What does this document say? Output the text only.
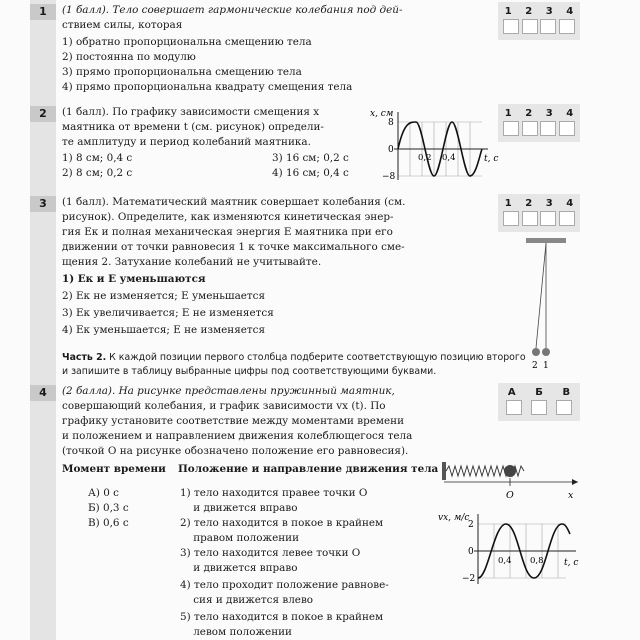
1	(1 балл). Тело совершает гармонические колебания под дей-
ствием силы, которая
1) обратно пропорциональна смещению тела
2) постоянна по модулю
3) прямо пропорциональна смещению тела
4) прямо пропорциональна квадрату смещения тела
1 2 3 4
2	(1 балл). По графику зависимости смещения x
маятника от времени t (см. рисунок) определи-
те амплитуду и период колебаний маятника.
1) 8 см; 0,4 с
2) 8 см; 0,2 с
3) 16 см; 0,2 с
4) 16 см; 0,4 с
x, см
t, с
8
0
−8
0,2 0,4
1 2 3 4
3	(1 балл). Математический маятник совершает колебания (см.
рисунок). Определите, как изменяются кинетическая энер-
гия Eк и полная механическая энергия E маятника при его
движении от точки равновесия 1 к точке максимального сме-
щения 2. Затухание колебаний не учитывайте.
1) Eк и E уменьшаются
2) Eк не изменяется; E уменьшается
3) Eк увеличивается; E не изменяется
4) Eк уменьшается; E не изменяется
2 1
1 2 3 4
Часть 2. К каждой позиции первого столбца подберите соответствующую позицию второго
и запишите в таблицу выбранные цифры под соответствующими буквами.
4	(2 балла). На рисунке представлены пружинный маятник,
совершающий колебания, и график зависимости vx (t). По
графику установите соответствие между моментами времени
и положением и направлением движения колеблющегося тела
(точкой O на рисунке обозначено положение его равновесия).
Момент времени Положение и направление движения тела
А) 0 с
Б) 0,3 с
В) 0,6 с
1) тело находится правее точки O
и движется вправо
2) тело находится в покое в крайнем
правом положении
3) тело находится левее точки O
и движется вправо
4) тело проходит положение равнове-
сия и движется влево
5) тело находится в покое в крайнем
левом положении
O	x
vx, м/с
t, с
2
0
−2
0,4 0,8
А Б В
